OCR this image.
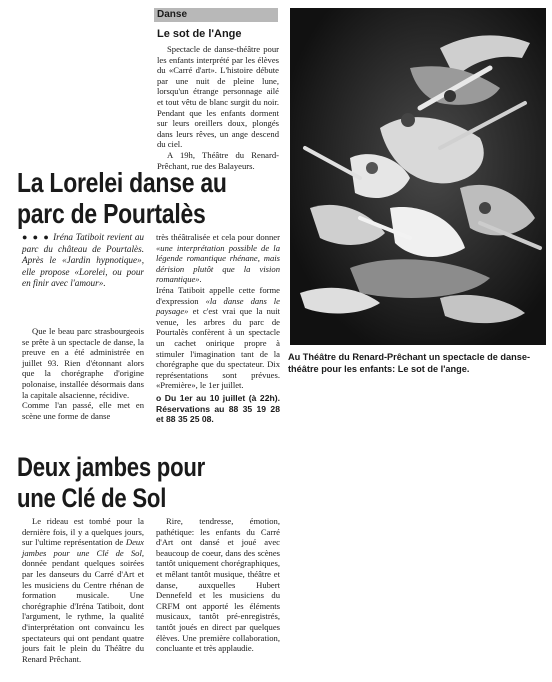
Danse
Le sot de l'Ange

Spectacle de danse-théâtre pour les enfants interprété par les élèves du «Carré d'art». L'histoire débute par une nuit de pleine lune, lorsqu'un étrange personnage ailé et tout vêtu de blanc surgit du noir. Pendant que les enfants dorment sur leurs oreillers doux, plongés dans leurs rêves, un ange descend du ciel.

A 19h, Théâtre du Renard-Prêchant, rue des Balayeurs.

Au Théâtre du Renard-Prêchant un spectacle de danse-théâtre pour les enfants: Le sot de l'ange.
La Lorelei danse au parc de Pourtalès
● ● ● Iréna Tatiboit revient au parc du château de Pourtalès. Après le «Jardin hypnotique», elle propose «Lorelei, ou pour en finir avec l'amour».

Que le beau parc strasbourgeois se prête à un spectacle de danse, la preuve en a été administrée en juillet 93. Rien d'étonnant alors que la chorégraphe d'origine polonaise, installée désormais dans la capitale alsacienne, récidive.

Comme l'an passé, elle met en scène une forme de danse

très théâtralisée et cela pour donner «une interprétation possible de la légende romantique rhénane, mais dérision plutôt que la vision romantique».

Iréna Tatiboit appelle cette forme d'expression «la danse dans le paysage» et c'est vrai que la nuit venue, les arbres du parc de Pourtalès confèrent à un spectacle un cachet onirique propre à stimuler l'imagination tant de la chorégraphe que du spectateur. Dix représentations sont prévues. «Première», le 1er juillet.

o Du 1er au 10 juillet (à 22h). Réservations au 88 35 19 28 et 88 35 25 08.

Deux jambes pour une Clé de Sol

Le rideau est tombé pour la dernière fois, il y a quelques jours, sur l'ultime représentation de Deux jambes pour une Clé de Sol, donnée pendant quelques soirées par les danseurs du Carré d'Art et les musiciens du Centre rhénan de formation musicale. Une chorégraphie d'Iréna Tatiboit, dont l'argument, le rythme, la qualité d'interprétation ont convaincu les spectateurs qui ont pendant quatre jours fait le plein du Théâtre du Renard Prêchant.

Rire, tendresse, émotion, pathétique: les enfants du Carré d'Art ont dansé et joué avec beaucoup de coeur, dans des scènes tantôt uniquement chorégraphiques, et mêlant tantôt musique, théâtre et danse, auxquelles Hubert Dennefeld et les musiciens du CRFM ont apporté les éléments musicaux, tantôt pré-enregistrés, tantôt joués en direct par quelques élèves. Une première collaboration, concluante et très applaudie.
